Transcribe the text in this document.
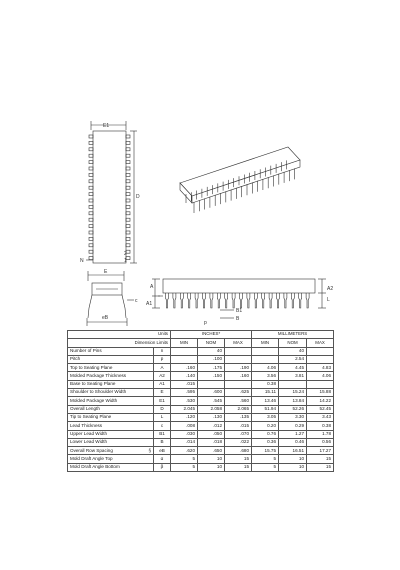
E1
D
N
2
1
E
eB
c
A
A1
A2
L
B1
B
p
Units		INCHES*			MILLIMETERS		
Dimension Limits		MIN	NOM	MAX	MIN	NOM	MAX
Number of Pins	n		40			40	
Pitch	p		.100			2.54	
Top to Seating Plane	A	.160	.175	.190	4.06	4.45	4.83
Molded Package Thickness	A2	.140	.150	.160	3.56	3.81	4.06
Base to Seating Plane	A1	.015			0.38		
Shoulder to Shoulder Width	E	.595	.600	.625	15.11	15.24	15.88
Molded Package Width	E1	.530	.545	.560	13.46	13.84	14.22
Overall Length	D	2.045	2.058	2.065	51.94	52.26	52.45
Tip to Seating Plane	L	.120	.130	.135	3.05	3.30	3.43
Lead Thickness	c	.008	.012	.015	0.20	0.29	0.38
Upper Lead Width	B1	.030	.050	.070	0.76	1.27	1.78
Lower Lead Width	B	.014	.018	.022	0.36	0.46	0.56
Overall Row Spacing §	eB	.620	.650	.680	15.75	16.51	17.27
Mold Draft Angle Top	α	5	10	15	5	10	15
Mold Draft Angle Bottom	β	5	10	15	5	10	15
